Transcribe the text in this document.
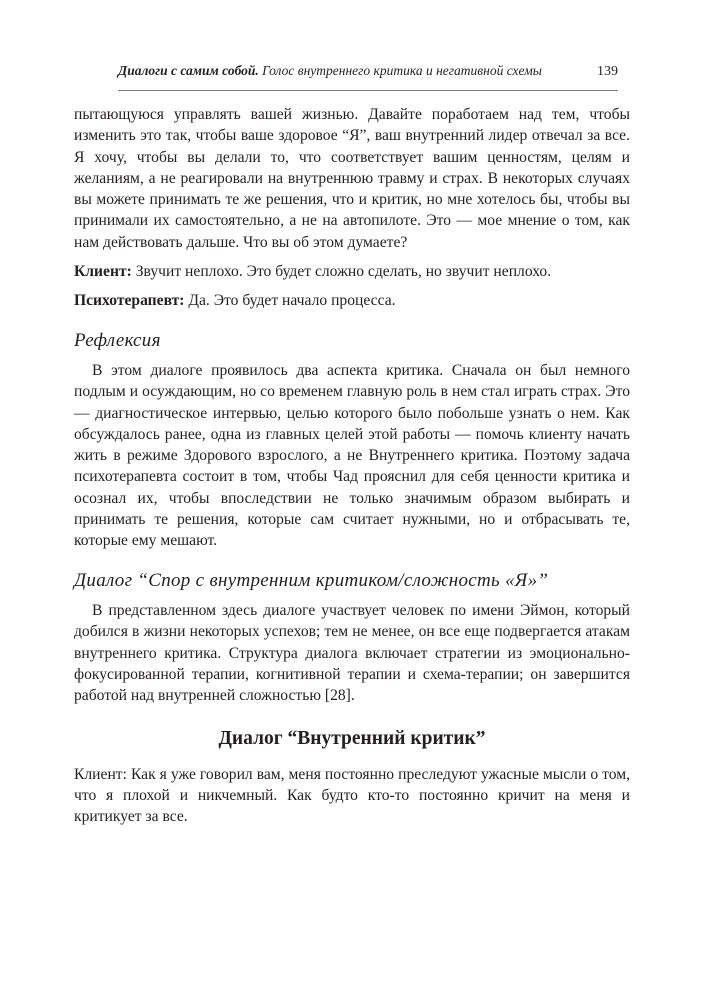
Диалоги с самим собой. Голос внутреннего критика и негативной схемы	139

пытающуюся управлять вашей жизнью. Давайте поработаем над тем, чтобы изменить это так, чтобы ваше здоровое “Я”, ваш внутренний лидер отвечал за все. Я хочу, чтобы вы делали то, что соответствует вашим ценностям, целям и желаниям, а не реагировали на внутреннюю травму и страх. В некоторых случаях вы можете принимать те же решения, что и критик, но мне хотелось бы, чтобы вы принимали их самостоятельно, а не на автопилоте. Это — мое мнение о том, как нам действовать дальше. Что вы об этом думаете?

Клиент: Звучит неплохо. Это будет сложно сделать, но звучит неплохо.

Психотерапевт: Да. Это будет начало процесса.

Рефлексия

В этом диалоге проявилось два аспекта критика. Сначала он был немного подлым и осуждающим, но со временем главную роль в нем стал играть страх. Это — диагностическое интервью, целью которого было побольше узнать о нем. Как обсуждалось ранее, одна из главных целей этой работы — помочь клиенту начать жить в режиме Здорового взрослого, а не Внутреннего критика. Поэтому задача психотерапевта состоит в том, чтобы Чад прояснил для себя ценности критика и осознал их, чтобы впоследствии не только значимым образом выбирать и принимать те решения, которые сам считает нужными, но и отбрасывать те, которые ему мешают.

Диалог “Спор с внутренним критиком/сложность «Я»”

В представленном здесь диалоге участвует человек по имени Эймон, который добился в жизни некоторых успехов; тем не менее, он все еще подвергается атакам внутреннего критика. Структура диалога включает стратегии из эмоционально-фокусированной терапии, когнитивной терапии и схема-терапии; он завершится работой над внутренней сложностью [28].

Диалог “Внутренний критик”

Клиент: Как я уже говорил вам, меня постоянно преследуют ужасные мысли о том, что я плохой и никчемный. Как будто кто-то постоянно кричит на меня и критикует за все.
